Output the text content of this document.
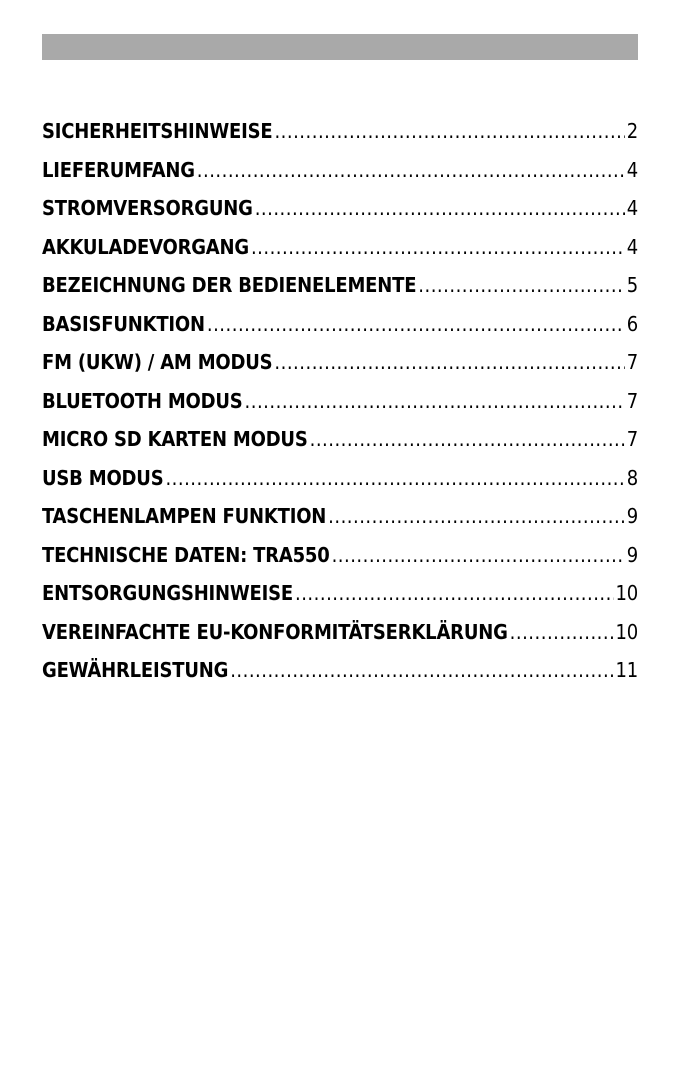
SICHERHEITSHINWEISE .....	2
LIEFERUMFANG .....	4
STROMVERSORGUNG .....	4
AKKULADEVORGANG .....	4
BEZEICHNUNG DER BEDIENELEMENTE .....	5
BASISFUNKTION .....	6
FM (UKW) / AM MODUS .....	7
BLUETOOTH MODUS .....	7
MICRO SD KARTEN MODUS .....	7
USB MODUS .....	8
TASCHENLAMPEN FUNKTION .....	9
TECHNISCHE DATEN: TRA550 .....	9
ENTSORGUNGSHINWEISE .....	10
VEREINFACHTE EU-KONFORMITÄTSERKLÄRUNG .....	10
GEWÄHRLEISTUNG .....	11
